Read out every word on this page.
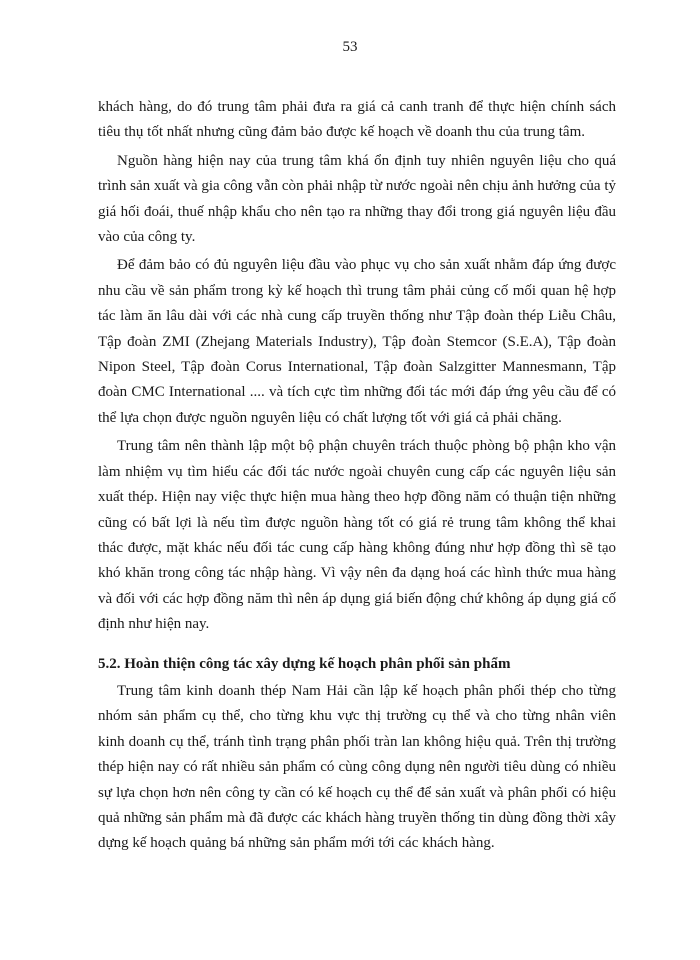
53

khách hàng, do đó trung tâm phải đưa ra giá cả canh tranh để thực hiện chính sách tiêu thụ tốt nhất nhưng cũng đảm bảo được kế hoạch về doanh thu của trung tâm.

Nguồn hàng hiện nay của trung tâm khá ổn định tuy nhiên nguyên liệu cho quá trình sản xuất và gia công vẫn còn phải nhập từ nước ngoài nên chịu ảnh hưởng của tỷ giá hối đoái, thuế nhập khẩu cho nên tạo ra những thay đổi trong giá nguyên liệu đầu vào của công ty.

Để đảm bảo có đủ nguyên liệu đầu vào phục vụ cho sản xuất nhằm đáp ứng được nhu cầu về sản phẩm trong kỳ kế hoạch thì trung tâm phải củng cố mối quan hệ hợp tác làm ăn lâu dài với các nhà cung cấp truyền thống như Tập đoàn thép Liễu Châu, Tập đoàn ZMI (Zhejang Materials Industry), Tập đoàn Stemcor (S.E.A), Tập đoàn Nipon Steel, Tập đoàn Corus International, Tập đoàn Salzgitter Mannesmann, Tập đoàn CMC International .... và tích cực tìm những đối tác mới đáp ứng yêu cầu để có thể lựa chọn được nguồn nguyên liệu có chất lượng tốt với giá cả phải chăng.

Trung tâm nên thành lập một bộ phận chuyên trách thuộc phòng bộ phận kho vận làm nhiệm vụ tìm hiểu các đối tác nước ngoài chuyên cung cấp các nguyên liệu sản xuất thép. Hiện nay việc thực hiện mua hàng theo hợp đồng năm có thuận tiện những cũng có bất lợi là nếu tìm được nguồn hàng tốt có giá rẻ trung tâm không thể khai thác được, mặt khác nếu đối tác cung cấp hàng không đúng như hợp đồng thì sẽ tạo khó khăn trong công tác nhập hàng. Vì vậy nên đa dạng hoá các hình thức mua hàng và đối với các hợp đồng năm thì nên áp dụng giá biến động chứ không áp dụng giá cố định như hiện nay.

5.2. Hoàn thiện công tác xây dựng kế hoạch phân phối sản phẩm

Trung tâm kinh doanh thép Nam Hải cần lập kế hoạch phân phối thép cho từng nhóm sản phẩm cụ thể, cho từng khu vực thị trường cụ thể và cho từng nhân viên kinh doanh cụ thể, tránh tình trạng phân phối tràn lan không hiệu quả. Trên thị trường thép hiện nay có rất nhiều sản phẩm có cùng công dụng nên người tiêu dùng có nhiều sự lựa chọn hơn nên công ty cần có kế hoạch cụ thể để sản xuất và phân phối có hiệu quả những sản phẩm mà đã được các khách hàng truyền thống tin dùng đồng thời xây dựng kế hoạch quảng bá những sản phẩm mới tới các khách hàng.
